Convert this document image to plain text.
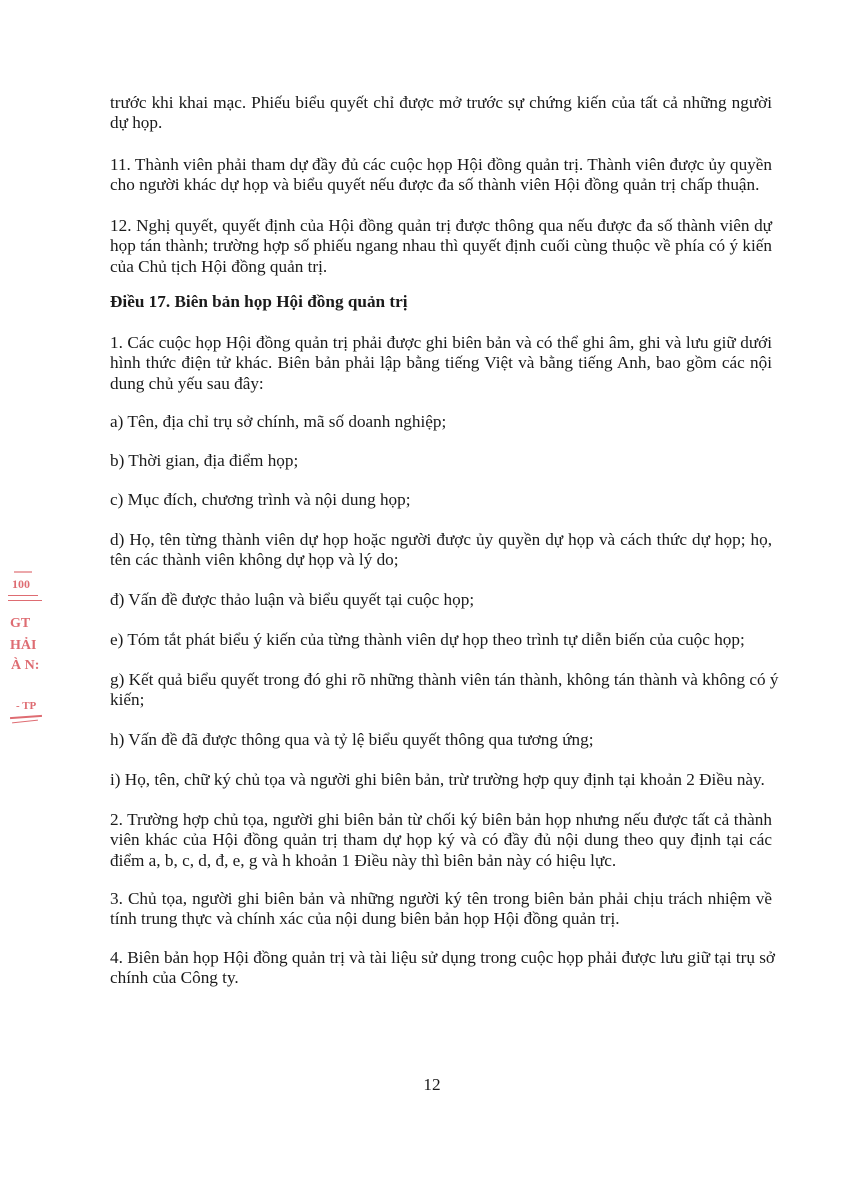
trước khi khai mạc. Phiếu biểu quyết chỉ được mở trước sự chứng kiến của tất cả những người
dự họp.
11. Thành viên phải tham dự đầy đủ các cuộc họp Hội đồng quản trị. Thành viên được ủy quyền
cho người khác dự họp và biểu quyết nếu được đa số thành viên Hội đồng quản trị chấp thuận.
12. Nghị quyết, quyết định của Hội đồng quản trị được thông qua nếu được đa số thành viên dự
họp tán thành; trường hợp số phiếu ngang nhau thì quyết định cuối cùng thuộc về phía có ý kiến
của Chủ tịch Hội đồng quản trị.
Điều 17. Biên bản họp Hội đồng quản trị
1. Các cuộc họp Hội đồng quản trị phải được ghi biên bản và có thể ghi âm, ghi và lưu giữ dưới
hình thức điện tử khác. Biên bản phải lập bằng tiếng Việt và bằng tiếng Anh, bao gồm các nội
dung chủ yếu sau đây:
a) Tên, địa chỉ trụ sở chính, mã số doanh nghiệp;
b) Thời gian, địa điểm họp;
c) Mục đích, chương trình và nội dung họp;
d) Họ, tên từng thành viên dự họp hoặc người được ủy quyền dự họp và cách thức dự họp; họ,
tên các thành viên không dự họp và lý do;
đ) Vấn đề được thảo luận và biểu quyết tại cuộc họp;
e) Tóm tắt phát biểu ý kiến của từng thành viên dự họp theo trình tự diễn biến của cuộc họp;
g) Kết quả biểu quyết trong đó ghi rõ những thành viên tán thành, không tán thành và không có ý
kiến;
h) Vấn đề đã được thông qua và tỷ lệ biểu quyết thông qua tương ứng;
i) Họ, tên, chữ ký chủ tọa và người ghi biên bản, trừ trường hợp quy định tại khoản 2 Điều này.
2. Trường hợp chủ tọa, người ghi biên bản từ chối ký biên bản họp nhưng nếu được tất cả thành
viên khác của Hội đồng quản trị tham dự họp ký và có đầy đủ nội dung theo quy định tại các
điểm a, b, c, d, đ, e, g và h khoản 1 Điều này thì biên bản này có hiệu lực.
3. Chủ tọa, người ghi biên bản và những người ký tên trong biên bản phải chịu trách nhiệm về
tính trung thực và chính xác của nội dung biên bản họp Hội đồng quản trị.
4. Biên bản họp Hội đồng quản trị và tài liệu sử dụng trong cuộc họp phải được lưu giữ tại trụ sở
chính của Công ty.
12
100
GT
HẢI
À N:
- TP
